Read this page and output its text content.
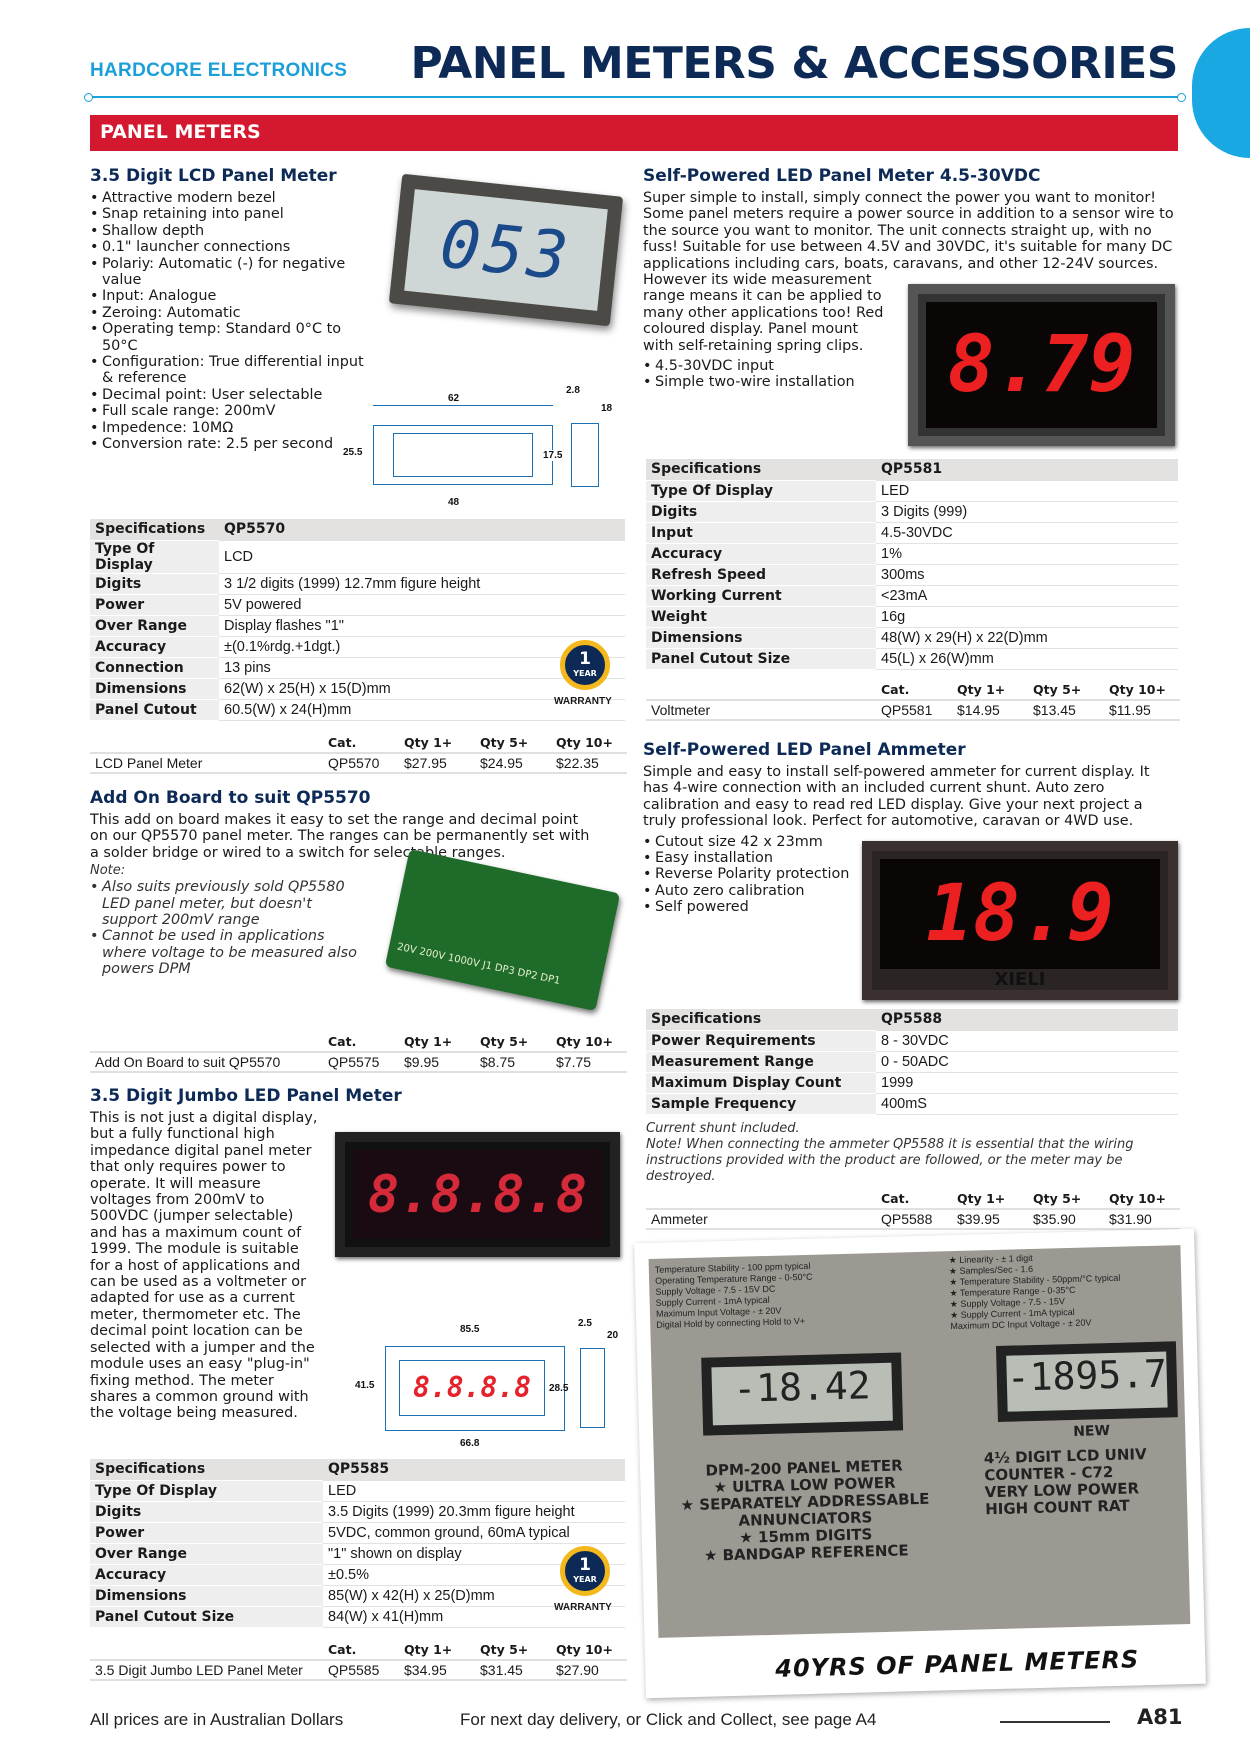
HARDCORE ELECTRONICS PANEL METERS & ACCESSORIES
PANEL METERS
3.5 Digit LCD Panel Meter
• Attractive modern bezel
• Snap retaining into panel
• Shallow depth
• 0.1" launcher connections
• Polariy: Automatic (-) for negative value
• Input: Analogue
• Zeroing: Automatic
• Operating temp: Standard 0°C to 50°C
• Configuration: True differential input & reference
• Decimal point: User selectable
• Full scale range: 200mV
• Impedence: 10MΩ
• Conversion rate: 2.5 per second
053
62
25.5	17.5
48
2.8
18
Specifications	QP5570
Type Of Display	LCD
Digits	3 1/2 digits (1999) 12.7mm figure height
Power	5V powered
Over Range	Display flashes "1"
Accuracy	±(0.1%rdg.+1dgt.)
Connection	13 pins
Dimensions	62(W) x 25(H) x 15(D)mm
Panel Cutout	60.5(W) x 24(H)mm
	Cat.	Qty 1+	Qty 5+	Qty 10+
LCD Panel Meter	QP5570	$27.95	$24.95	$22.35
1
YEAR
WARRANTY
Add On Board to suit QP5570
This add on board makes it easy to set the range and decimal point on our QP5570 panel meter. The ranges can be permanently set with a solder bridge or wired to a switch for selectable ranges.
Note:
• Also suits previously sold QP5580 LED panel meter, but doesn't support 200mV range
• Cannot be used in applications where voltage to be measured also powers DPM	20V 200V 1000V J1 DP3 DP2 DP1
	Cat.	Qty 1+	Qty 5+	Qty 10+
Add On Board to suit QP5570	QP5575	$9.95	$8.75	$7.75
3.5 Digit Jumbo LED Panel Meter
This is not just a digital display, but a fully functional high impedance digital panel meter that only requires power to operate. It will measure voltages from 200mV to 500VDC (jumper selectable) and has a maximum count of 1999. The module is suitable for a host of applications and can be used as a voltmeter or adapted for use as a current meter, thermometer etc. The decimal point location can be selected with a jumper and the module uses an easy "plug-in" fixing method. The meter shares a common ground with the voltage being measured.
8.8.8.8
85.5
41.5	8.8.8.8	28.5
66.8
2.5
20
Specifications	QP5585
Type Of Display	LED
Digits	3.5 Digits (1999) 20.3mm figure height
Power	5VDC, common ground, 60mA typical
Over Range	"1" shown on display
Accuracy	±0.5%
Dimensions	85(W) x 42(H) x 25(D)mm
Panel Cutout Size	84(W) x 41(H)mm
	Cat.	Qty 1+	Qty 5+	Qty 10+
3.5 Digit Jumbo LED Panel Meter	QP5585	$34.95	$31.45	$27.90
1
YEAR
WARRANTY
Self-Powered LED Panel Meter 4.5-30VDC
Super simple to install, simply connect the power you want to monitor! Some panel meters require a power source in addition to a sensor wire to the source you want to monitor. The unit connects straight up, with no fuss! Suitable for use between 4.5V and 30VDC, it's suitable for many DC applications including cars, boats, caravans, and other 12-24V sources.
However its wide measurement range means it can be applied to many other applications too! Red coloured display. Panel mount with self-retaining spring clips.
• 4.5-30VDC input
• Simple two-wire installation	8.79
Specifications	QP5581
Type Of Display	LED
Digits	3 Digits (999)
Input	4.5-30VDC
Accuracy	1%
Refresh Speed	300ms
Working Current	<23mA
Weight	16g
Dimensions	48(W) x 29(H) x 22(D)mm
Panel Cutout Size	45(L) x 26(W)mm
	Cat.	Qty 1+	Qty 5+	Qty 10+
Voltmeter	QP5581	$14.95	$13.45	$11.95
Self-Powered LED Panel Ammeter
Simple and easy to install self-powered ammeter for current display. It has 4-wire connection with an included current shunt. Auto zero calibration and easy to read red LED display. Give your next project a truly professional look. Perfect for automotive, caravan or 4WD use.
• Cutout size 42 x 23mm
• Easy installation
• Reverse Polarity protection
• Auto zero calibration
• Self powered	18.9
XIELI
Specifications	QP5588
Power Requirements	8 - 30VDC
Measurement Range	0 - 50ADC
Maximum Display Count	1999
Sample Frequency	400mS
Current shunt included.
Note! When connecting the ammeter QP5588 it is essential that the wiring instructions provided with the product are followed, or the meter may be destroyed.
	Cat.	Qty 1+	Qty 5+	Qty 10+
Ammeter	QP5588	$39.95	$35.90	$31.90
Temperature Stability - 100 ppm typical
Operating Temperature Range - 0-50°C
Supply Voltage - 7.5 - 15V DC
Supply Current - 1mA typical
Maximum Input Voltage - ± 20V
Digital Hold by connecting Hold to V+
★ Linearity - ± 1 digit
★ Samples/Sec - 1.6
★ Temperature Stability - 50ppm/°C typical
★ Temperature Range - 0-35°C
★ Supply Voltage - 7.5 - 15V
★ Supply Current - 1mA typical
Maximum DC Input Voltage - ± 20V
-18.42	-1895.7
NEW
DPM-200 PANEL METER
★ ULTRA LOW POWER
★ SEPARATELY ADDRESSABLE
ANNUNCIATORS
★ 15mm DIGITS
★ BANDGAP REFERENCE
4½ DIGIT LCD UNIV
COUNTER - C72
VERY LOW POWER
HIGH COUNT RAT
40YRS OF PANEL METERS
All prices are in Australian Dollars	For next day delivery, or Click and Collect, see page A4	A81
